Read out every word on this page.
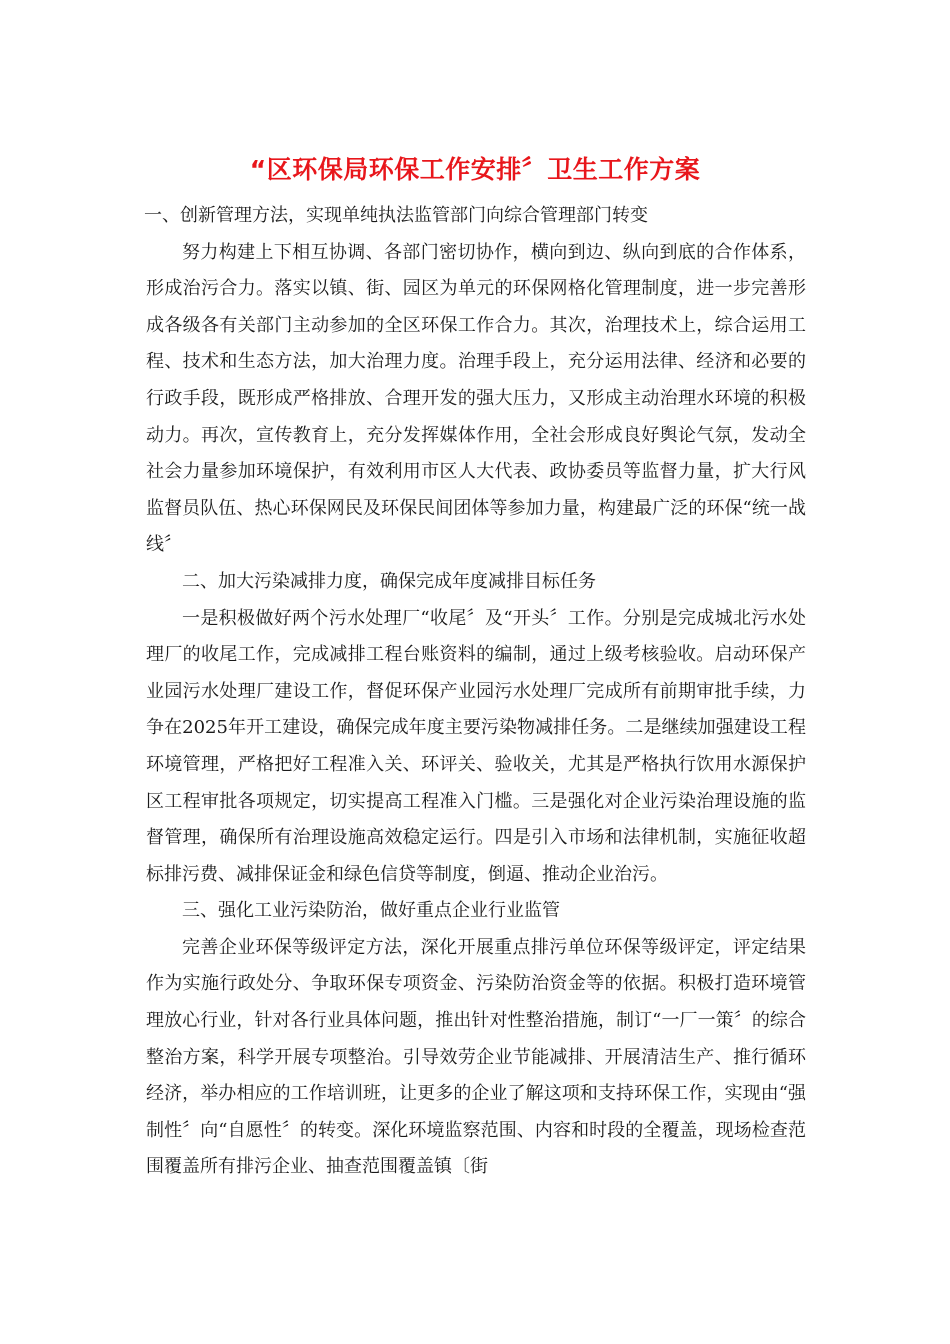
“区环保局环保工作安排〞卫生工作方案

一、创新管理方法，实现单纯执法监管部门向综合管理部门转变

努力构建上下相互协调、各部门密切协作，横向到边、纵向到底的合作体系，形成治污合力。落实以镇、街、园区为单元的环保网格化管理制度，进一步完善形成各级各有关部门主动参加的全区环保工作合力。其次，治理技术上，综合运用工程、技术和生态方法，加大治理力度。治理手段上，充分运用法律、经济和必要的行政手段，既形成严格排放、合理开发的强大压力，又形成主动治理水环境的积极动力。再次，宣传教育上，充分发挥媒体作用，全社会形成良好舆论气氛，发动全社会力量参加环境保护，有效利用市区人大代表、政协委员等监督力量，扩大行风监督员队伍、热心环保网民及环保民间团体等参加力量，构建最广泛的环保“统一战线〞

二、加大污染减排力度，确保完成年度减排目标任务

一是积极做好两个污水处理厂“收尾〞及“开头〞工作。分别是完成城北污水处理厂的收尾工作，完成减排工程台账资料的编制，通过上级考核验收。启动环保产业园污水处理厂建设工作，督促环保产业园污水处理厂完成所有前期审批手续，力争在2025年开工建设，确保完成年度主要污染物减排任务。二是继续加强建设工程环境管理，严格把好工程准入关、环评关、验收关，尤其是严格执行饮用水源保护区工程审批各项规定，切实提高工程准入门槛。三是强化对企业污染治理设施的监督管理，确保所有治理设施高效稳定运行。四是引入市场和法律机制，实施征收超标排污费、减排保证金和绿色信贷等制度，倒逼、推动企业治污。

三、强化工业污染防治，做好重点企业行业监管

完善企业环保等级评定方法，深化开展重点排污单位环保等级评定，评定结果作为实施行政处分、争取环保专项资金、污染防治资金等的依据。积极打造环境管理放心行业，针对各行业具体问题，推出针对性整治措施，制订“一厂一策〞的综合整治方案，科学开展专项整治。引导效劳企业节能减排、开展清洁生产、推行循环经济，举办相应的工作培训班，让更多的企业了解这项和支持环保工作，实现由“强制性〞向“自愿性〞的转变。深化环境监察范围、内容和时段的全覆盖，现场检查范围覆盖所有排污企业、抽查范围覆盖镇〔街
